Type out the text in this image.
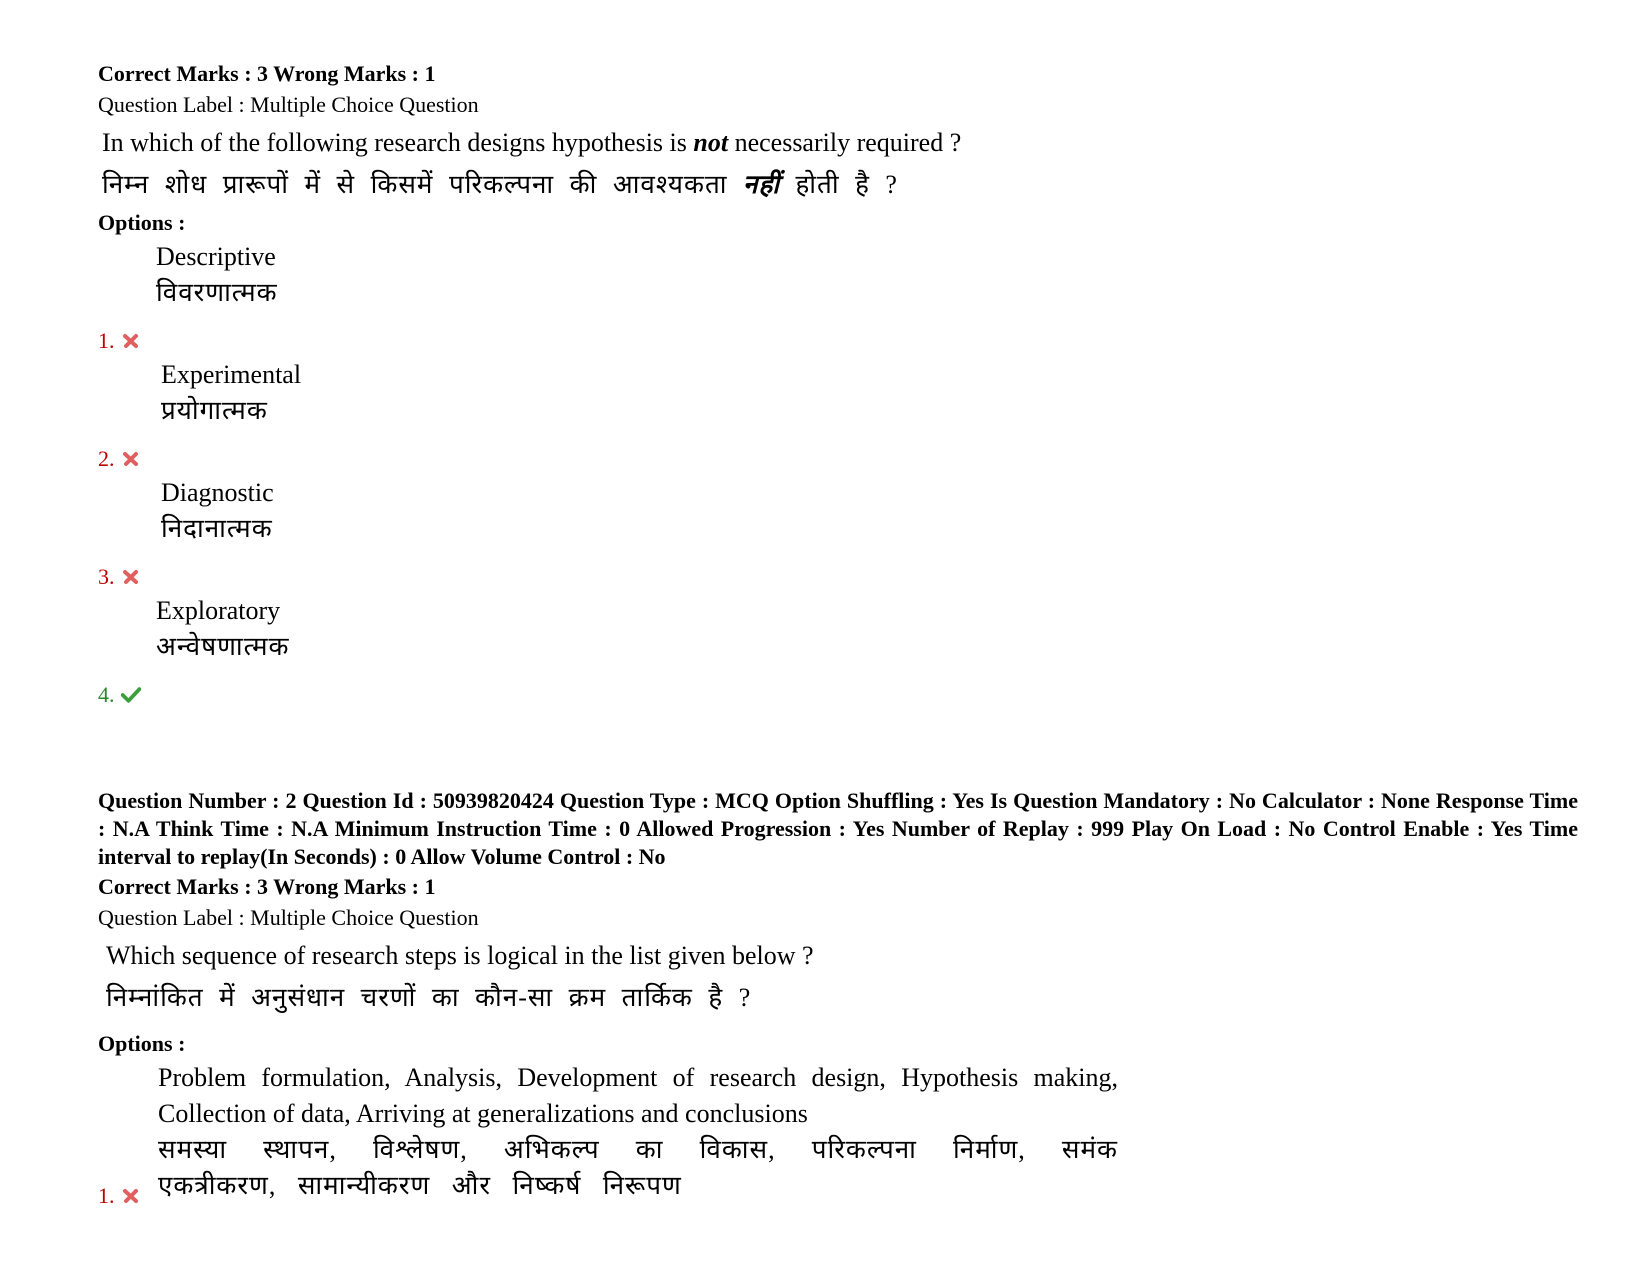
Correct Marks : 3 Wrong Marks : 1
Question Label : Multiple Choice Question
In which of the following research designs hypothesis is not necessarily required ?
निम्न शोध प्रारूपों में से किसमें परिकल्पना की आवश्यकता नहीं होती है ?
Options :
Descriptive
विवरणात्मक
1.
Experimental
प्रयोगात्मक
2.
Diagnostic
निदानात्मक
3.
Exploratory
अन्वेषणात्मक
4.
Question Number : 2 Question Id : 50939820424 Question Type : MCQ Option Shuffling : Yes Is Question Mandatory : No Calculator : None Response Time : N.A Think Time : N.A Minimum Instruction Time : 0 Allowed Progression : Yes Number of Replay : 999 Play On Load : No Control Enable : Yes Time interval to replay(In Seconds) : 0 Allow Volume Control : No
Correct Marks : 3 Wrong Marks : 1
Question Label : Multiple Choice Question
Which sequence of research steps is logical in the list given below ?
निम्नांकित में अनुसंधान चरणों का कौन-सा क्रम तार्किक है ?
Options :
Problem formulation, Analysis, Development of research design, Hypothesis making, Collection of data, Arriving at generalizations and conclusions
समस्या स्थापन, विश्लेषण, अभिकल्प का विकास, परिकल्पना निर्माण, समंक एकत्रीकरण, सामान्यीकरण और निष्कर्ष निरूपण
1.
